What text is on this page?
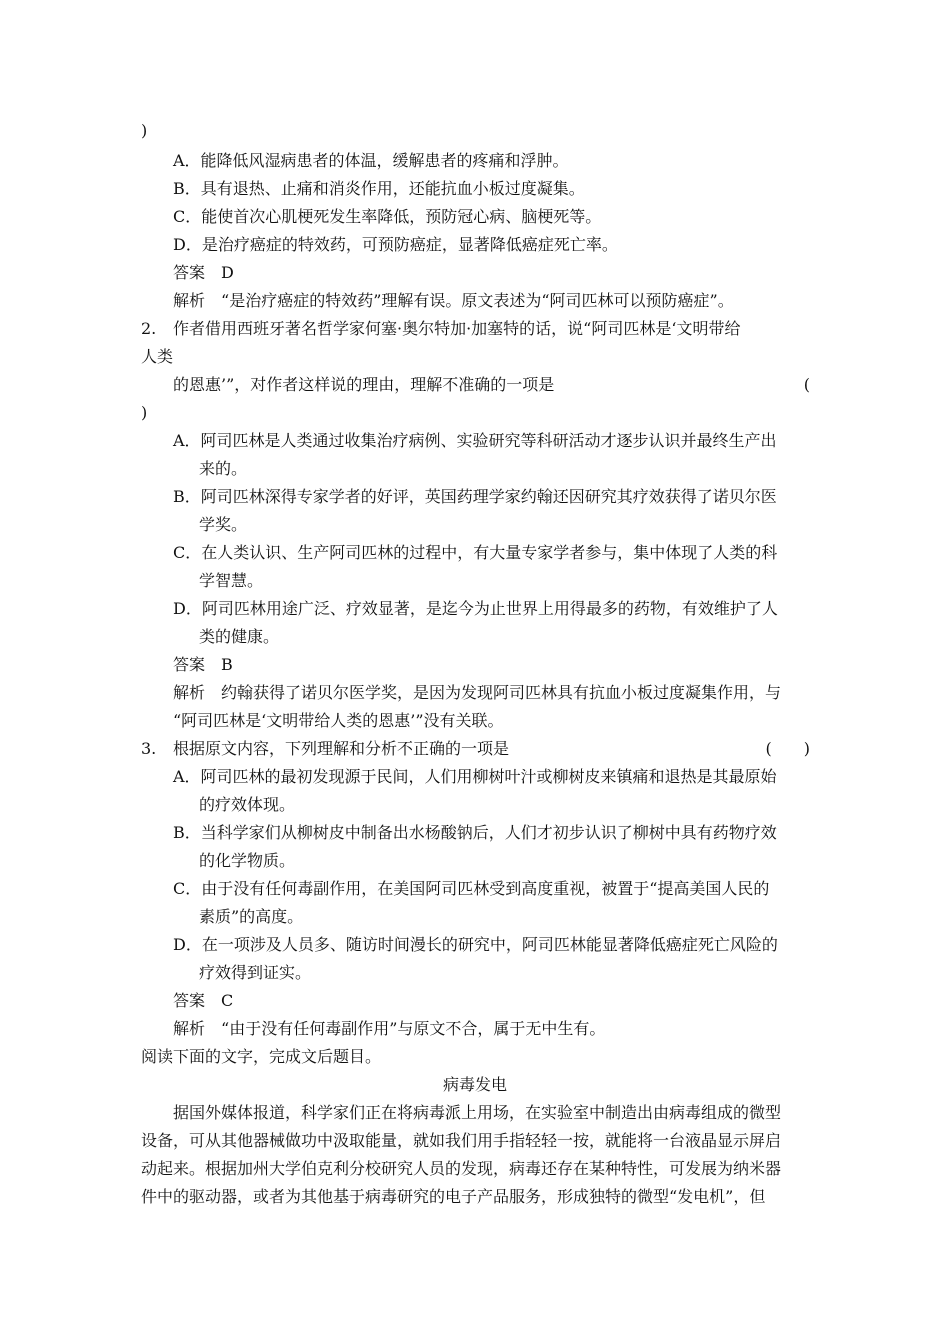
)
A．能降低风湿病患者的体温，缓解患者的疼痛和浮肿。
B．具有退热、止痛和消炎作用，还能抗血小板过度凝集。
C．能使首次心肌梗死发生率降低，预防冠心病、脑梗死等。
D．是治疗癌症的特效药，可预防癌症，显著降低癌症死亡率。
答案 D
解析 “是治疗癌症的特效药”理解有误。原文表述为“阿司匹林可以预防癌症”。
2. 作者借用西班牙著名哲学家何塞·奥尔特加·加塞特的话，说“阿司匹林是‘文明带给
人类
的恩惠’”，对作者这样说的理由，理解不准确的一项是	(
)
A．阿司匹林是人类通过收集治疗病例、实验研究等科研活动才逐步认识并最终生产出
来的。
B．阿司匹林深得专家学者的好评，英国药理学家约翰还因研究其疗效获得了诺贝尔医
学奖。
C．在人类认识、生产阿司匹林的过程中，有大量专家学者参与，集中体现了人类的科
学智慧。
D．阿司匹林用途广泛、疗效显著，是迄今为止世界上用得最多的药物，有效维护了人
类的健康。
答案 B
解析 约翰获得了诺贝尔医学奖，是因为发现阿司匹林具有抗血小板过度凝集作用，与
“阿司匹林是‘文明带给人类的恩惠’”没有关联。
3. 根据原文内容，下列理解和分析不正确的一项是	(　　)
A．阿司匹林的最初发现源于民间，人们用柳树叶汁或柳树皮来镇痛和退热是其最原始
的疗效体现。
B．当科学家们从柳树皮中制备出水杨酸钠后，人们才初步认识了柳树中具有药物疗效
的化学物质。
C．由于没有任何毒副作用，在美国阿司匹林受到高度重视，被置于“提高美国人民的
素质”的高度。
D．在一项涉及人员多、随访时间漫长的研究中，阿司匹林能显著降低癌症死亡风险的
疗效得到证实。
答案 C
解析 “由于没有任何毒副作用”与原文不合，属于无中生有。
阅读下面的文字，完成文后题目。
病毒发电
据国外媒体报道，科学家们正在将病毒派上用场，在实验室中制造出由病毒组成的微型
设备，可从其他器械做功中汲取能量，就如我们用手指轻轻一按，就能将一台液晶显示屏启
动起来。根据加州大学伯克利分校研究人员的发现，病毒还存在某种特性，可发展为纳米器
件中的驱动器，或者为其他基于病毒研究的电子产品服务，形成独特的微型“发电机”，但
